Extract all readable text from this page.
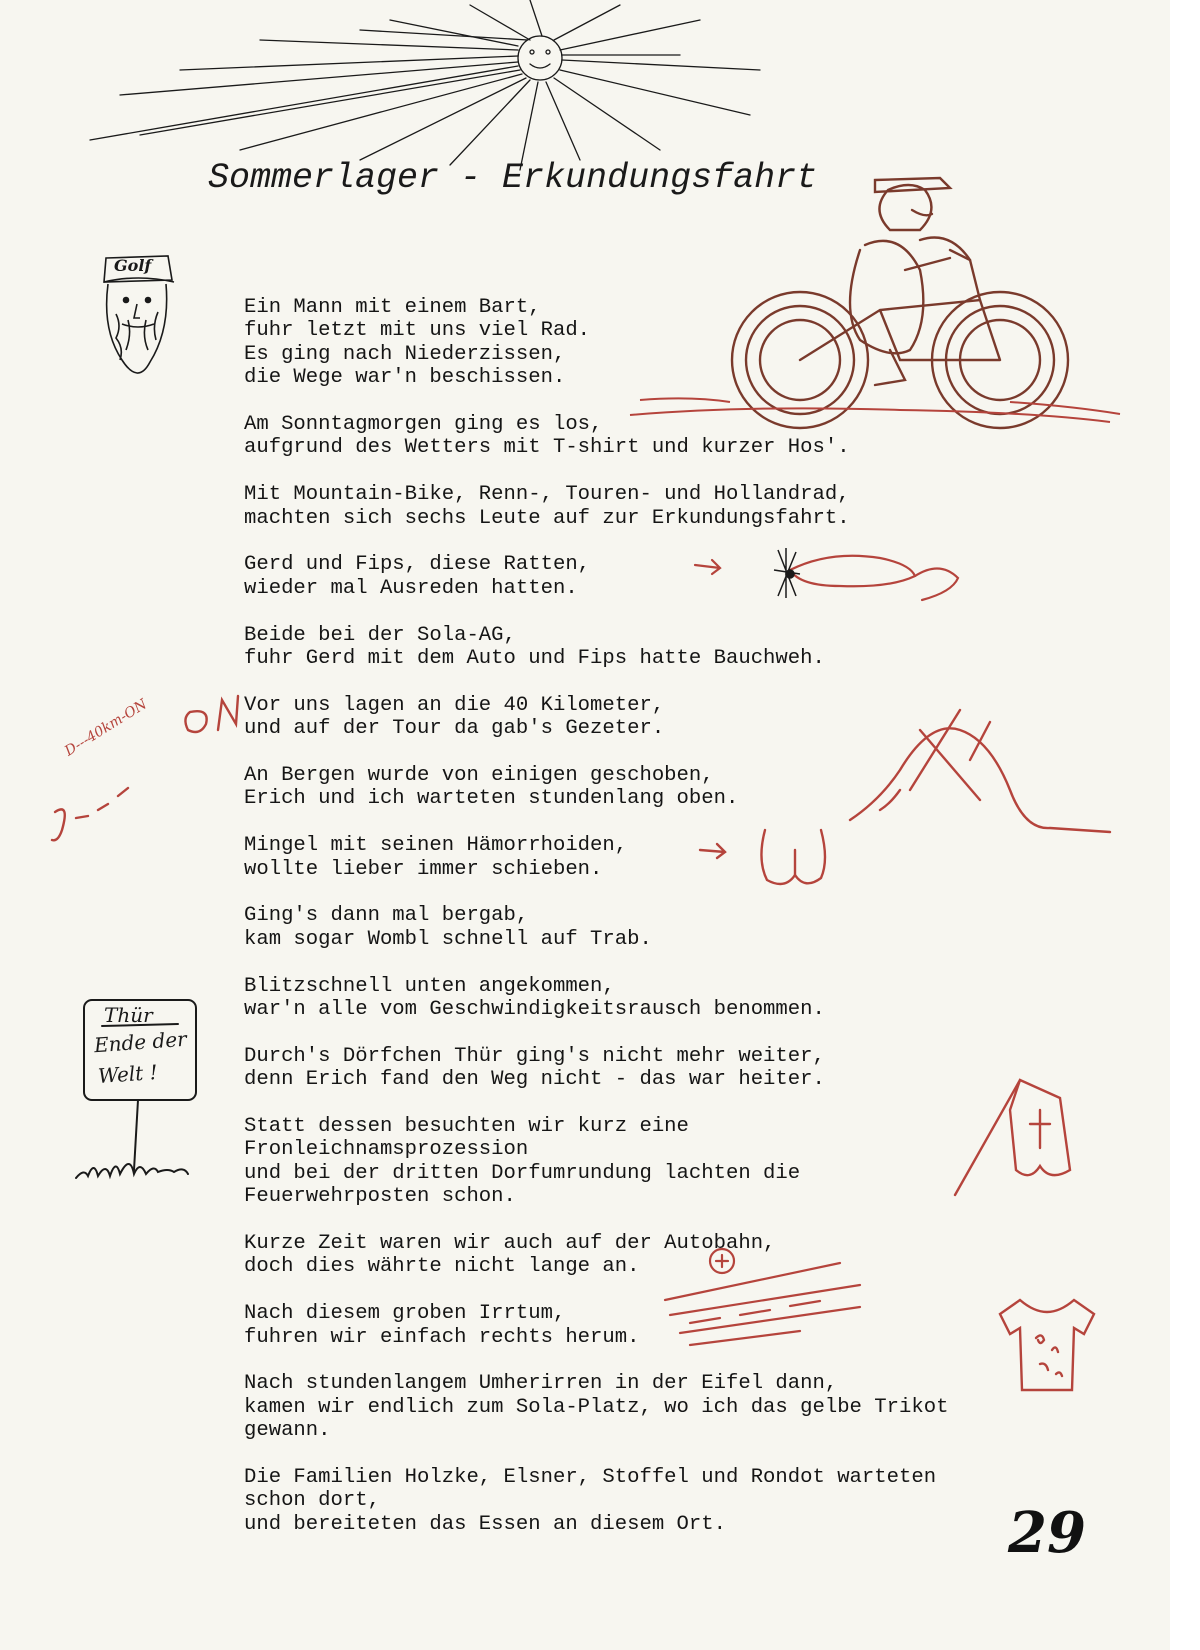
Sommerlager - Erkundungsfahrt
Golf
D---40km-ON
Thür
Ende der
Welt !
Ein Mann mit einem Bart,
fuhr letzt mit uns viel Rad.
Es ging nach Niederzissen,
die Wege war'n beschissen.
Am Sonntagmorgen ging es los,
aufgrund des Wetters mit T-shirt und kurzer Hos'.
Mit Mountain-Bike, Renn-, Touren- und Hollandrad,
machten sich sechs Leute auf zur Erkundungsfahrt.
Gerd und Fips, diese Ratten,
wieder mal Ausreden hatten.
Beide bei der Sola-AG,
fuhr Gerd mit dem Auto und Fips hatte Bauchweh.
Vor uns lagen an die 40 Kilometer,
und auf der Tour da gab's Gezeter.
An Bergen wurde von einigen geschoben,
Erich und ich warteten stundenlang oben.
Mingel mit seinen Hämorrhoiden,
wollte lieber immer schieben.
Ging's dann mal bergab,
kam sogar Wombl schnell auf Trab.
Blitzschnell unten angekommen,
war'n alle vom Geschwindigkeitsrausch benommen.
Durch's Dörfchen Thür ging's nicht mehr weiter,
denn Erich fand den Weg nicht - das war heiter.
Statt dessen besuchten wir kurz eine
Fronleichnamsprozession
und bei der dritten Dorfumrundung lachten die
Feuerwehrposten schon.
Kurze Zeit waren wir auch auf der Autobahn,
doch dies währte nicht lange an.
Nach diesem groben Irrtum,
fuhren wir einfach rechts herum.
Nach stundenlangem Umherirren in der Eifel dann,
kamen wir endlich zum Sola-Platz, wo ich das gelbe Trikot
gewann.
Die Familien Holzke, Elsner, Stoffel und Rondot warteten
schon dort,
und bereiteten das Essen an diesem Ort.	29
